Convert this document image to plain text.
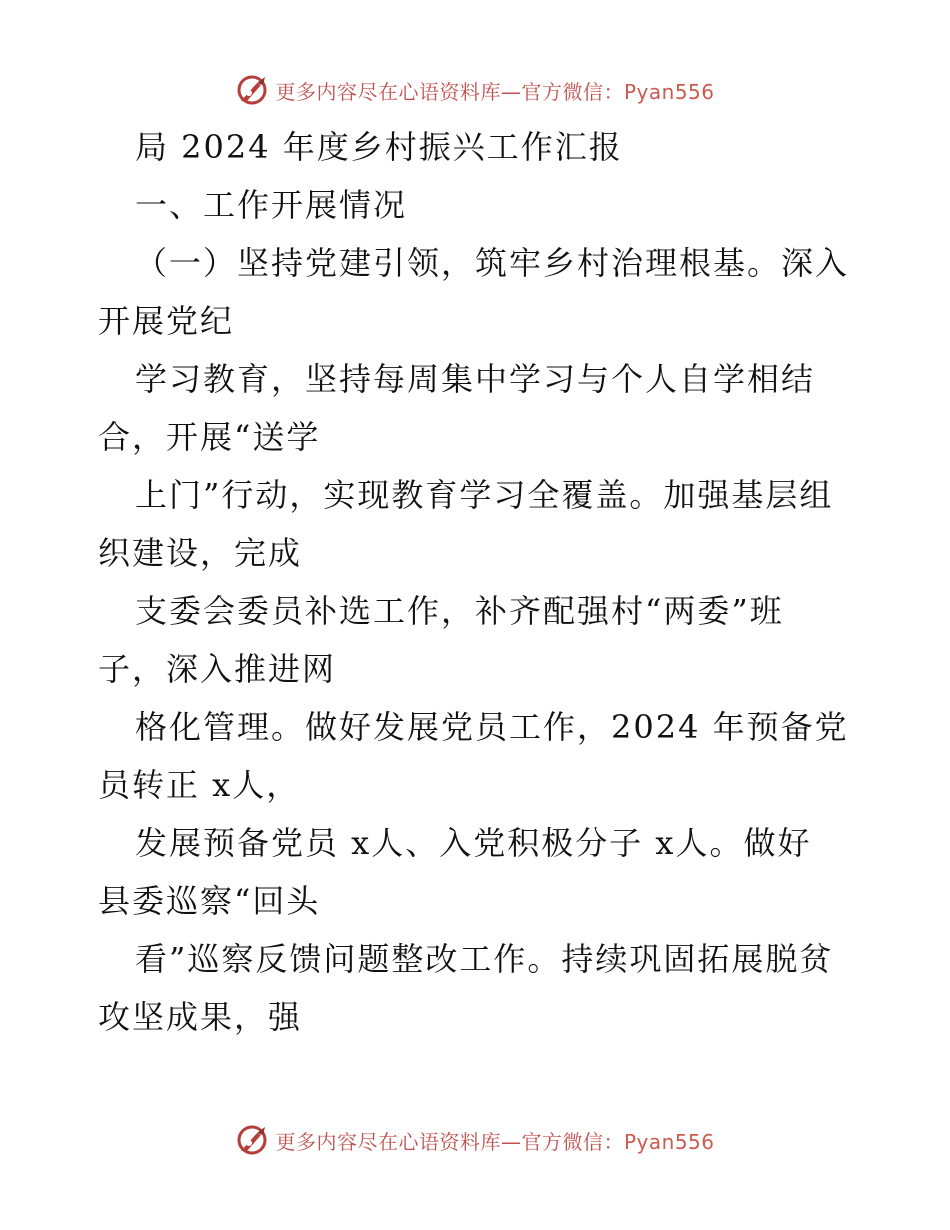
更多内容尽在心语资料库—官方微信：Pyan556
局 2024 年度乡村振兴工作汇报
一、工作开展情况
（一）坚持党建引领，筑牢乡村治理根基。深入
开展党纪
学习教育，坚持每周集中学习与个人自学相结
合，开展“送学
上门”行动，实现教育学习全覆盖。加强基层组
织建设，完成
支委会委员补选工作，补齐配强村“两委”班
子，深入推进网
格化管理。做好发展党员工作，2024 年预备党
员转正 x人，
发展预备党员 x人、入党积极分子 x人。做好
县委巡察“回头
看”巡察反馈问题整改工作。持续巩固拓展脱贫
攻坚成果，强
更多内容尽在心语资料库—官方微信：Pyan556
